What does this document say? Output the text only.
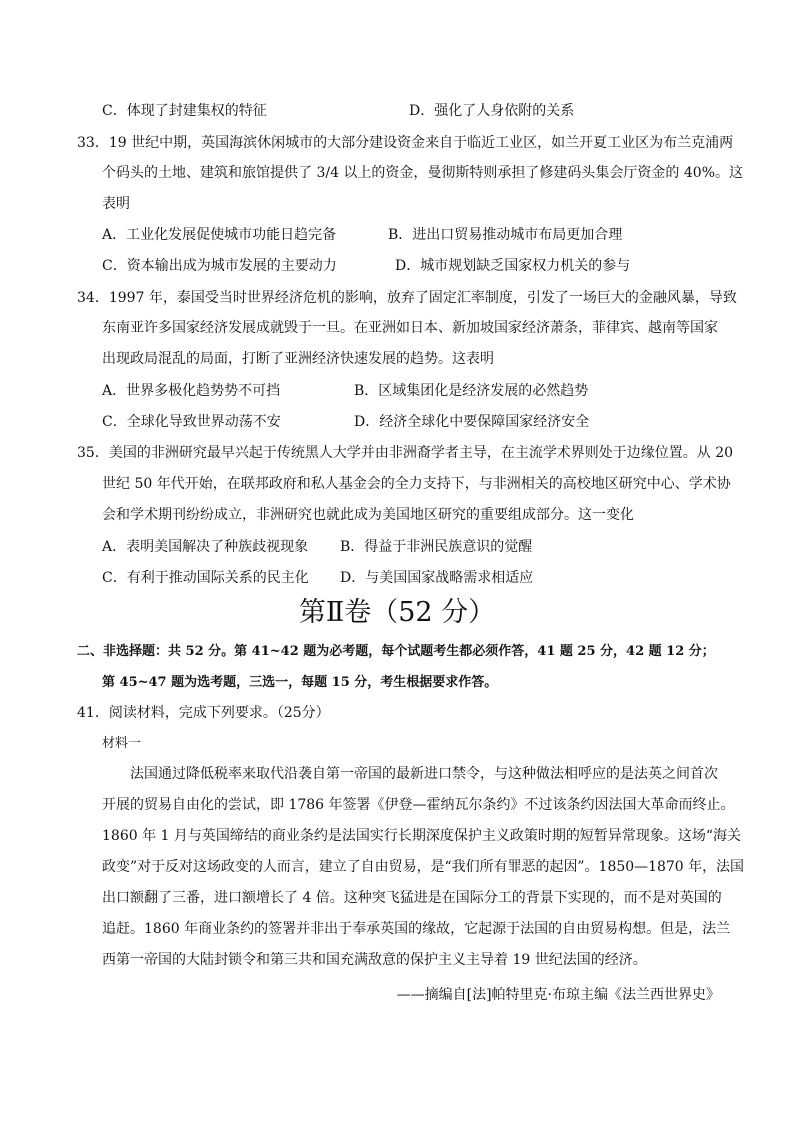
C．体现了封建集权的特征	D．强化了人身依附的关系
33．19 世纪中期，英国海滨休闲城市的大部分建设资金来自于临近工业区，如兰开夏工业区为布兰克浦两
个码头的土地、建筑和旅馆提供了 3/4 以上的资金，曼彻斯特则承担了修建码头集会厅资金的 40%。这
表明
A．工业化发展促使城市功能日趋完备	B．进出口贸易推动城市布局更加合理
C．资本输出成为城市发展的主要动力	D．城市规划缺乏国家权力机关的参与
34．1997 年，泰国受当时世界经济危机的影响，放弃了固定汇率制度，引发了一场巨大的金融风暴，导致
东南亚许多国家经济发展成就毁于一旦。在亚洲如日本、新加坡国家经济萧条，菲律宾、越南等国家
出现政局混乱的局面，打断了亚洲经济快速发展的趋势。这表明
A．世界多极化趋势势不可挡	B．区域集团化是经济发展的必然趋势
C．全球化导致世界动荡不安	D．经济全球化中要保障国家经济安全
35．美国的非洲研究最早兴起于传统黑人大学并由非洲裔学者主导，在主流学术界则处于边缘位置。从 20
世纪 50 年代开始，在联邦政府和私人基金会的全力支持下，与非洲相关的高校地区研究中心、学术协
会和学术期刊纷纷成立，非洲研究也就此成为美国地区研究的重要组成部分。这一变化
A．表明美国解决了种族歧视现象 B．得益于非洲民族意识的觉醒
C．有利于推动国际关系的民主化 D．与美国国家战略需求相适应
第Ⅱ卷（52 分）
二、非选择题：共 52 分。第 41~42 题为必考题，每个试题考生都必须作答，41 题 25 分，42 题 12 分；
第 45~47 题为选考题，三选一，每题 15 分，考生根据要求作答。
41．阅读材料，完成下列要求。（25分）
材料一
法国通过降低税率来取代沿袭自第一帝国的最新进口禁令，与这种做法相呼应的是法英之间首次
开展的贸易自由化的尝试，即 1786 年签署《伊登—霍纳瓦尔条约》不过该条约因法国大革命而终止。
1860 年 1 月与英国缔结的商业条约是法国实行长期深度保护主义政策时期的短暂异常现象。这场“海关
政变”对于反对这场政变的人而言，建立了自由贸易，是“我们所有罪恶的起因”。1850—1870 年，法国
出口额翻了三番，进口额增长了 4 倍。这种突飞猛进是在国际分工的背景下实现的，而不是对英国的
追赶。1860 年商业条约的签署并非出于奉承英国的缘故，它起源于法国的自由贸易构想。但是，法兰
西第一帝国的大陆封锁令和第三共和国充满敌意的保护主义主导着 19 世纪法国的经济。
——摘编自[法]帕特里克·布琼主编《法兰西世界史》
